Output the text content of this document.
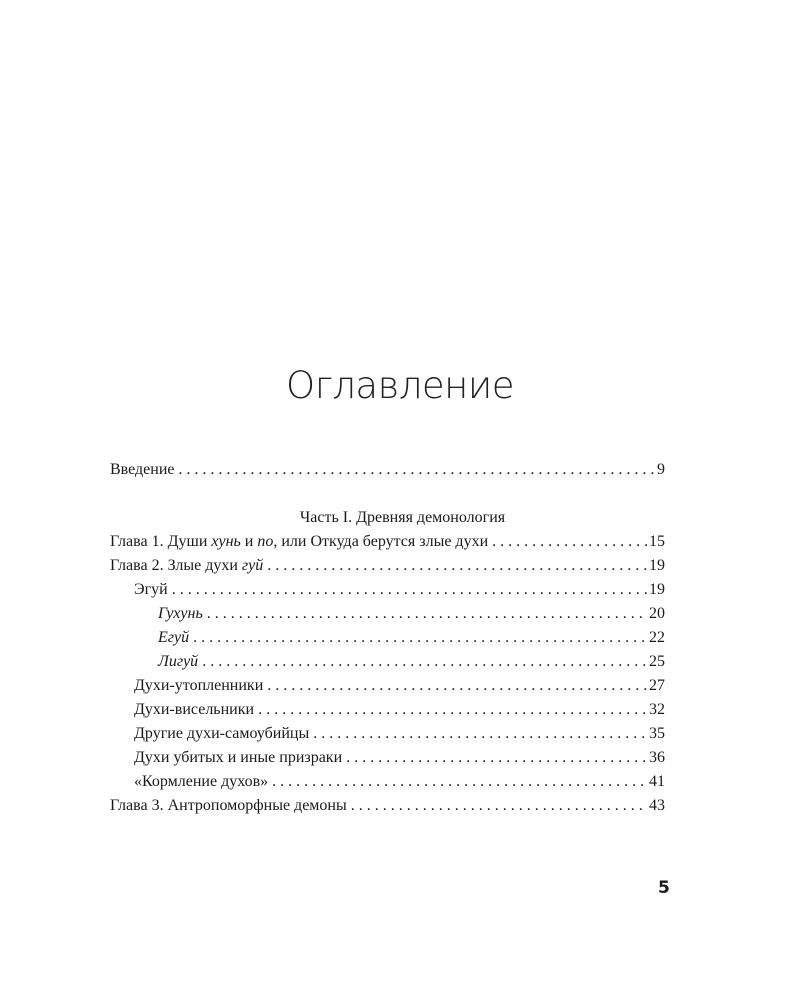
Оглавление
Введение . . .	9
Часть I. Древняя демонология
Глава 1. Души хунь и по, или Откуда берутся злые духи . . .	15
Глава 2. Злые духи гуй . . .	19
Эгуй . . .	19
Гухунь . . .	20
Егуй . . .	22
Лигуй . . .	25
Духи-утопленники . . .	27
Духи-висельники . . .	32
Другие духи-самоубийцы . . .	35
Духи убитых и иные призраки . . .	36
«Кормление духов» . . .	41
Глава 3. Антропоморфные демоны . . .	43
5
